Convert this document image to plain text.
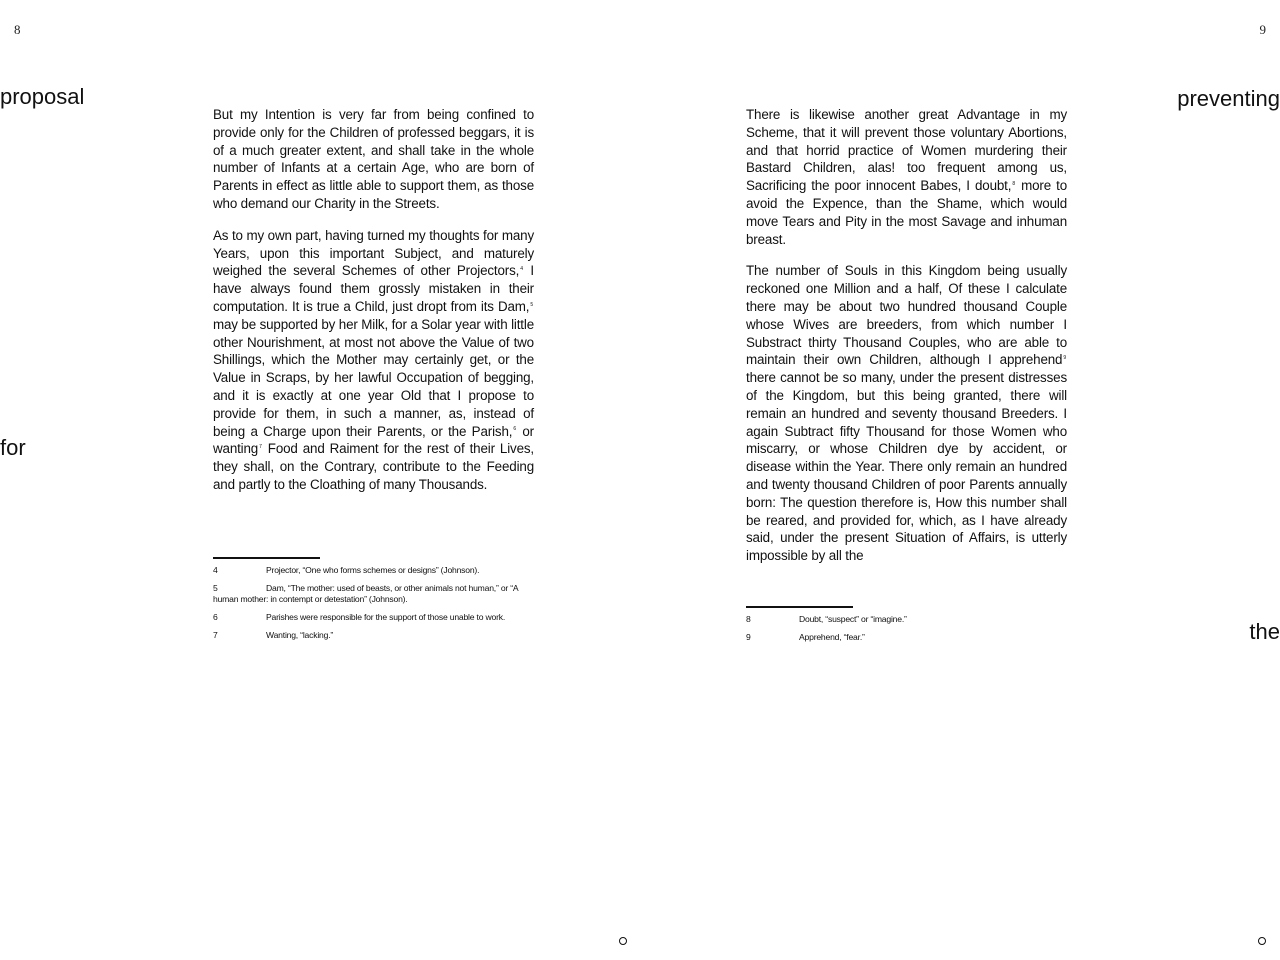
8
proposal
for

But my Intention is very far from being confined to provide only for the Children of professed beggars, it is of a much greater extent, and shall take in the whole number of Infants at a certain Age, who are born of Parents in effect as little able to support them, as those who demand our Charity in the Streets.

As to my own part, having turned my thoughts for many Years, upon this important Subject, and maturely weighed the several Schemes of other Projectors,$^4$ I have always found them grossly mistaken in their computation. It is true a Child, just dropt from its Dam,$^5$ may be supported by her Milk, for a Solar year with little other Nourishment, at most not above the Value of two Shillings, which the Mother may certainly get, or the Value in Scraps, by her lawful Occupation of begging, and it is exactly at one year Old that I propose to provide for them, in such a manner, as, instead of being a Charge upon their Parents, or the Parish,$^6$ or wanting$^7$ Food and Raiment for the rest of their Lives, they shall, on the Contrary, contribute to the Feeding and partly to the Cloathing of many Thousands.

4	Projector, “One who forms schemes or designs” (Johnson).
5	Dam, “The mother: used of beasts, or other animals not human,” or “A human mother: in contempt or detestation” (Johnson).
6	Parishes were responsible for the support of those unable to work.
7	Wanting, “lacking.”
9
preventing
the

There is likewise another great Advantage in my Scheme, that it will prevent those voluntary Abortions, and that horrid practice of Women murdering their Bastard Children, alas! too frequent among us, Sacrificing the poor innocent Babes, I doubt,$^8$ more to avoid the Expence, than the Shame, which would move Tears and Pity in the most Savage and inhuman breast.

The number of Souls in this Kingdom being usually reckoned one Million and a half, Of these I calculate there may be about two hundred thousand Couple whose Wives are breeders, from which number I Substract thirty Thousand Couples, who are able to maintain their own Children, although I apprehend$^9$ there cannot be so many, under the present distresses of the Kingdom, but this being granted, there will remain an hundred and seventy thousand Breeders. I again Subtract fifty Thousand for those Women who miscarry, or whose Children dye by accident, or disease within the Year. There only remain an hundred and twenty thousand Children of poor Parents annually born: The question therefore is, How this number shall be reared, and provided for, which, as I have already said, under the present Situation of Affairs, is utterly impossible by all the

8	Doubt, “suspect” or “imagine.”
9	Apprehend, “fear.”
